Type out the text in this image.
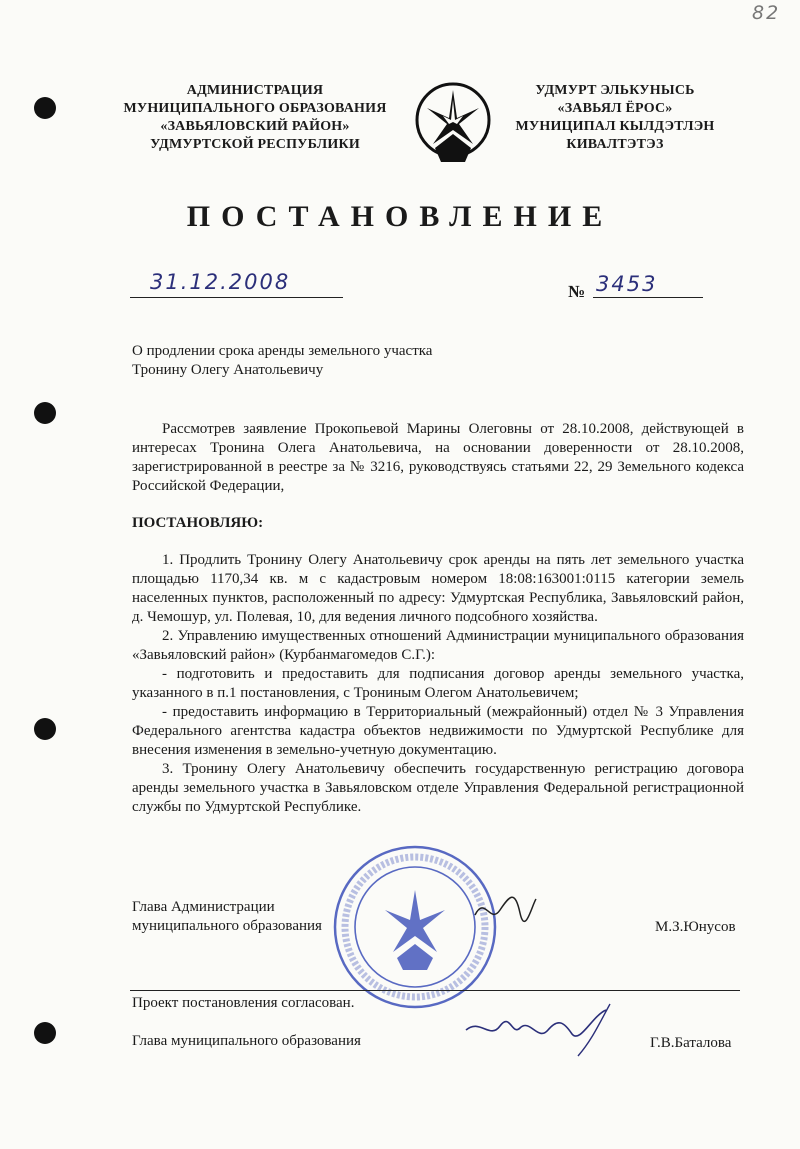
82
АДМИНИСТРАЦИЯ
МУНИЦИПАЛЬНОГО ОБРАЗОВАНИЯ
«ЗАВЬЯЛОВСКИЙ РАЙОН»
УДМУРТСКОЙ РЕСПУБЛИКИ
УДМУРТ ЭЛЬКУНЫСЬ
«ЗАВЬЯЛ ЁРОС»
МУНИЦИПАЛ КЫЛДЭТЛЭН
КИВАЛТЭТЭЗ
ПОСТАНОВЛЕНИЕ
31.12.2008	№ 3453
О продлении срока аренды земельного участка
Тронину Олегу Анатольевичу
Рассмотрев заявление Прокопьевой Марины Олеговны от 28.10.2008, действующей в интересах Тронина Олега Анатольевича, на основании доверенности от 28.10.2008, зарегистрированной в реестре за № 3216, руководствуясь статьями 22, 29 Земельного кодекса Российской Федерации,
ПОСТАНОВЛЯЮ:

1. Продлить Тронину Олегу Анатольевичу срок аренды на пять лет земельного участка площадью 1170,34 кв. м с кадастровым номером 18:08:163001:0115 категории земель населенных пунктов, расположенный по адресу: Удмуртская Республика, Завьяловский район, д. Чемошур, ул. Полевая, 10, для ведения личного подсобного хозяйства.

2. Управлению имущественных отношений Администрации муниципального образования «Завьяловский район» (Курбанмагомедов С.Г.):

- подготовить и предоставить для подписания договор аренды земельного участка, указанного в п.1 постановления, с Трониным Олегом Анатольевичем;

- предоставить информацию в Территориальный (межрайонный) отдел № 3 Управления Федерального агентства кадастра объектов недвижимости по Удмуртской Республике для внесения изменения в земельно-учетную документацию.

3. Тронину Олегу Анатольевичу обеспечить государственную регистрацию договора аренды земельного участка в Завьяловском отделе Управления Федеральной регистрационной службы по Удмуртской Республике.

Глава Администрации
муниципального образования	М.З.Юнусов
Проект постановления согласован.
Глава муниципального образования	Г.В.Баталова
